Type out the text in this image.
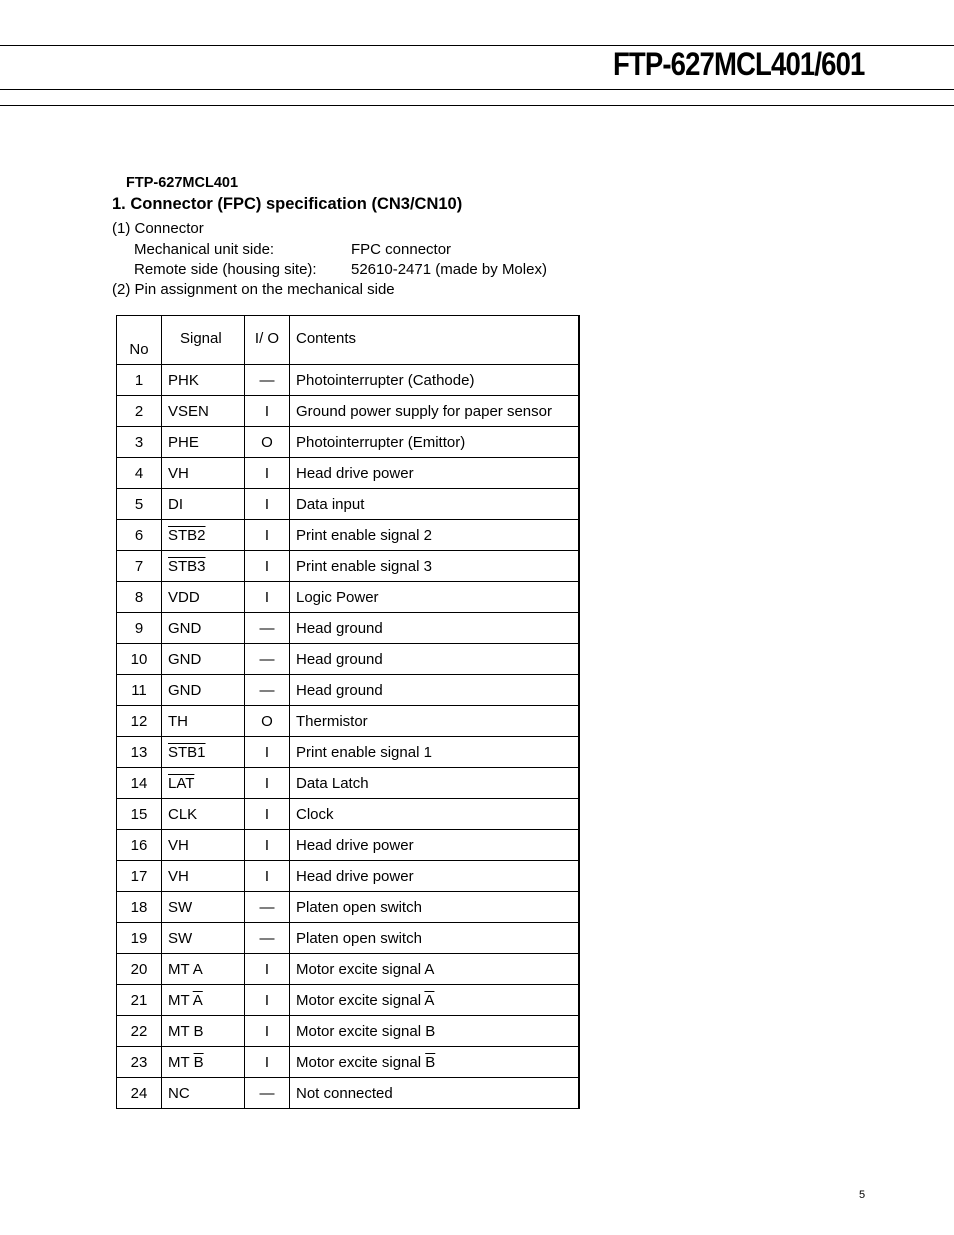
FTP-627MCL401/601
FTP-627MCL401
1. Connector (FPC) specification (CN3/CN10)
(1) Connector
Mechanical unit side:	FPC connector
Remote side (housing site): 52610-2471 (made by Molex)
(2) Pin assignment on the mechanical side
No	Signal	I/ O	Contents

1	PHK	—	Photointerrupter (Cathode)
2	VSEN	I	Ground power supply for paper sensor
3	PHE	O	Photointerrupter (Emittor)
4	VH	I	Head drive power
5	DI	I	Data input
6	STB2	I	Print enable signal 2
7	STB3	I	Print enable signal 3
8	VDD	I	Logic Power
9	GND	—	Head ground
10	GND	—	Head ground
11	GND	—	Head ground
12	TH	O	Thermistor
13	STB1	I	Print enable signal 1
14	$\overline{LAT}$	I	Data Latch
15	CLK	I	Clock
16	VH	I	Head drive power
17	VH	I	Head drive power
18	SW	—	Platen open switch
19	SW	—	Platen open switch
20	MT A	I	Motor excite signal A
21	MT $\overline{A}$	I	Motor excite signal $\overline{A}$
22	MT B	I	Motor excite signal B
23	MT $\overline{B}$	I	Motor excite signal $\overline{B}$
24	NC	—	Not connected
5
